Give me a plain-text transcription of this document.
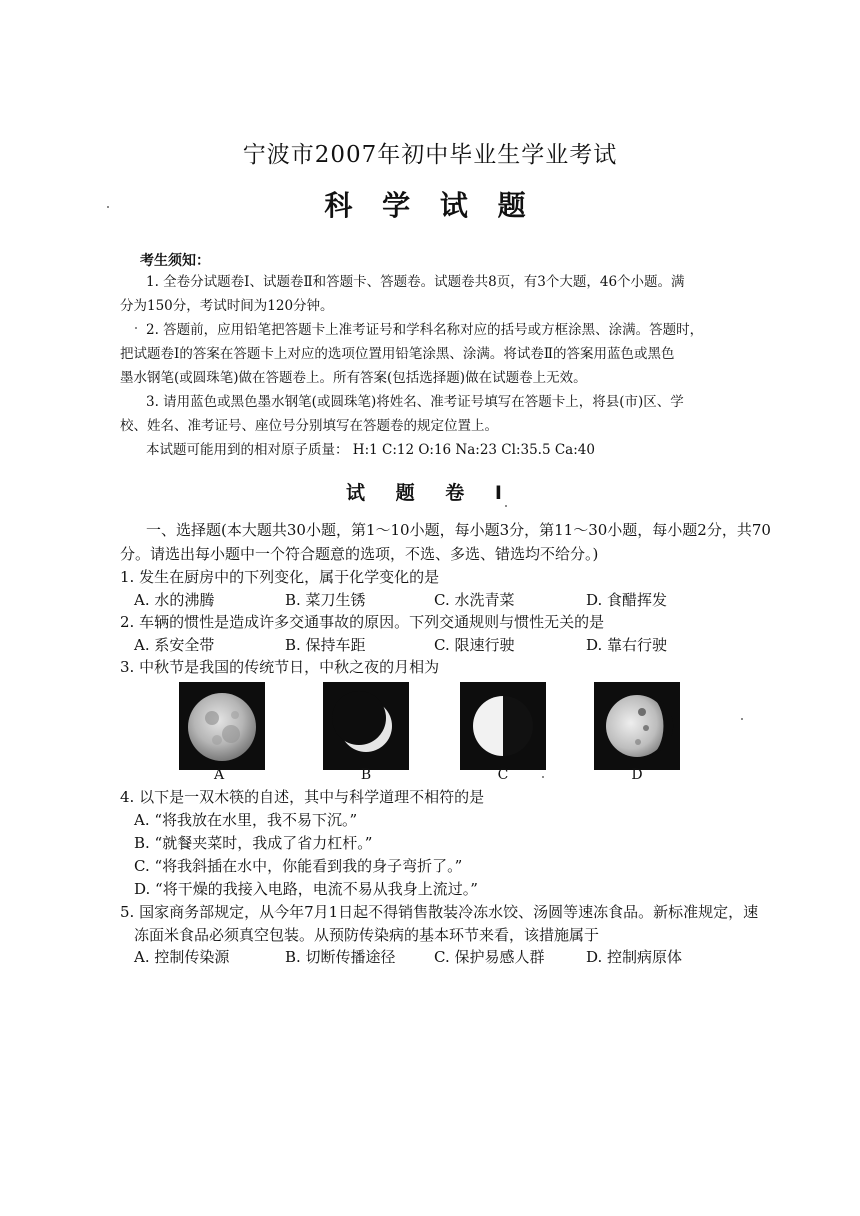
宁波市2007年初中毕业生学业考试
科 学 试 题
考生须知：
1. 全卷分试题卷Ⅰ、试题卷Ⅱ和答题卡、答题卷。试题卷共8页，有3个大题，46个小题。满
分为150分，考试时间为120分钟。
2. 答题前，应用铅笔把答题卡上准考证号和学科名称对应的括号或方框涂黑、涂满。答题时，
把试题卷Ⅰ的答案在答题卡上对应的选项位置用铅笔涂黑、涂满。将试卷Ⅱ的答案用蓝色或黑色
墨水钢笔(或圆珠笔)做在答题卷上。所有答案(包括选择题)做在试题卷上无效。
3. 请用蓝色或黑色墨水钢笔(或圆珠笔)将姓名、准考证号填写在答题卡上，将县(市)区、学
校、姓名、准考证号、座位号分别填写在答题卷的规定位置上。
本试题可能用到的相对原子质量： H:1 C:12 O:16 Na:23 Cl:35.5 Ca:40
试 题 卷 Ⅰ
一、选择题(本大题共30小题，第1～10小题，每小题3分，第11～30小题，每小题2分，共70
分。请选出每小题中一个符合题意的选项，不选、多选、错选均不给分。)
1. 发生在厨房中的下列变化，属于化学变化的是
A. 水的沸腾	B. 菜刀生锈	C. 水洗青菜	D. 食醋挥发
2. 车辆的惯性是造成许多交通事故的原因。下列交通规则与惯性无关的是
A. 系安全带	B. 保持车距	C. 限速行驶	D. 靠右行驶
3. 中秋节是我国的传统节日，中秋之夜的月相为
A	B	C	D
4. 以下是一双木筷的自述，其中与科学道理不相符的是
A. “将我放在水里，我不易下沉。”
B. “就餐夹菜时，我成了省力杠杆。”
C. “将我斜插在水中，你能看到我的身子弯折了。”
D. “将干燥的我接入电路，电流不易从我身上流过。”
5. 国家商务部规定，从今年7月1日起不得销售散装冷冻水饺、汤圆等速冻食品。新标准规定，速
冻面米食品必须真空包装。从预防传染病的基本环节来看，该措施属于
A. 控制传染源	B. 切断传播途径	C. 保护易感人群	D. 控制病原体
